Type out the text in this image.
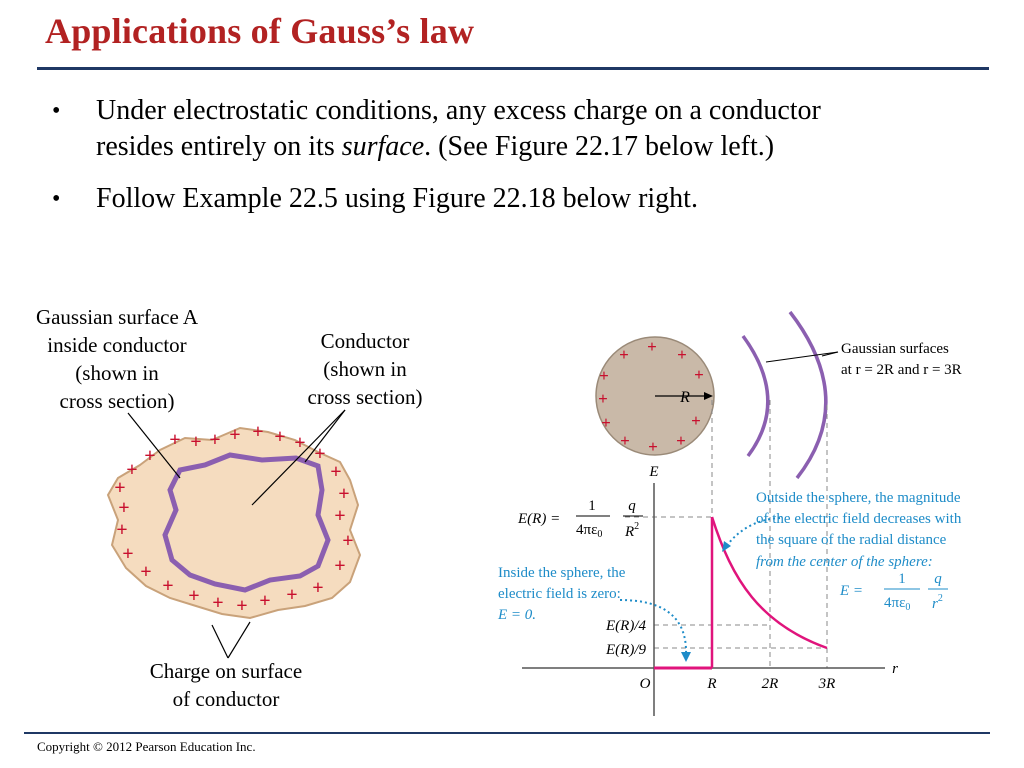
Applications of Gauss’s law
• Under electrostatic conditions, any excess charge on a conductor
resides entirely on its surface. (See Figure 22.17 below left.)
• Follow Example 22.5 using Figure 22.18 below right.
+ + + + + + + +
+
+
+
+
+
+
+
+
+
+
+
+
+
+
+
+
+
+
+
Gaussian surface A
inside conductor
(shown in
cross section)
Conductor
(shown in
cross section)
Charge on surface
of conductor
+ + +
+	+
+
+	+
+ + +
R
Gaussian surfaces
at r = 2R and r = 3R
E
r
O	R	2R	3R
E(R)/4
E(R)/9
E(R) =
1
$4\pi\varepsilon_0$
q
$R^2$
Outside the sphere, the magnitude
of the electric field decreases with
the square of the radial distance
from the center of the sphere:
E =
1
$4\pi\varepsilon_0$
q
$r^2$
Inside the sphere, the
electric field is zero:
E = 0.
Copyright © 2012 Pearson Education Inc.
